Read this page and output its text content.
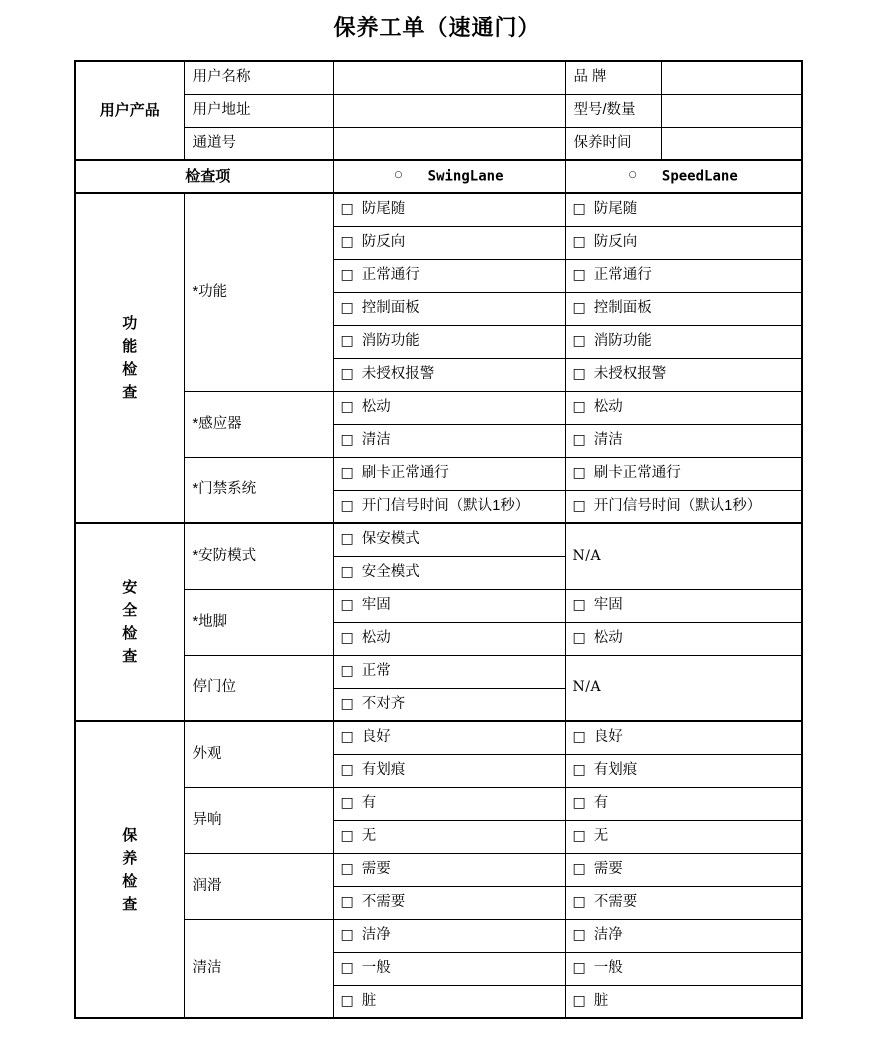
保养工单（速通门）
用户产品	用户名称		品 牌	
	用户地址		型号/数量	
	通道号		保养时间	
检查项		○ SwingLane	○ SpeedLane	

功
能
检
查	*功能	□ 防尾随	□ 防尾随	
		□ 防反向	□ 防反向	
		□ 正常通行	□ 正常通行	
		□ 控制面板	□ 控制面板	
		□ 消防功能	□ 消防功能	
		□ 未授权报警	□ 未授权报警	
	*感应器	□ 松动	□ 松动	
		□ 清洁	□ 清洁	
	*门禁系统	□ 刷卡正常通行	□ 刷卡正常通行	
		□ 开门信号时间（默认1秒）	□ 开门信号时间（默认1秒）	

安
全
检
查	*安防模式	□ 保安模式	N/A	
		□ 安全模式		
	*地脚	□ 牢固	□ 牢固	
		□ 松动	□ 松动	
	停门位	□ 正常	N/A	
		□ 不对齐		

保
养
检
查	外观	□ 良好	□ 良好	
		□ 有划痕	□ 有划痕	
	异响	□ 有	□ 有	
		□ 无	□ 无	
	润滑	□ 需要	□ 需要	
		□ 不需要	□ 不需要	
	清洁	□ 洁净	□ 洁净	
		□ 一般	□ 一般	
		□ 脏	□ 脏	
